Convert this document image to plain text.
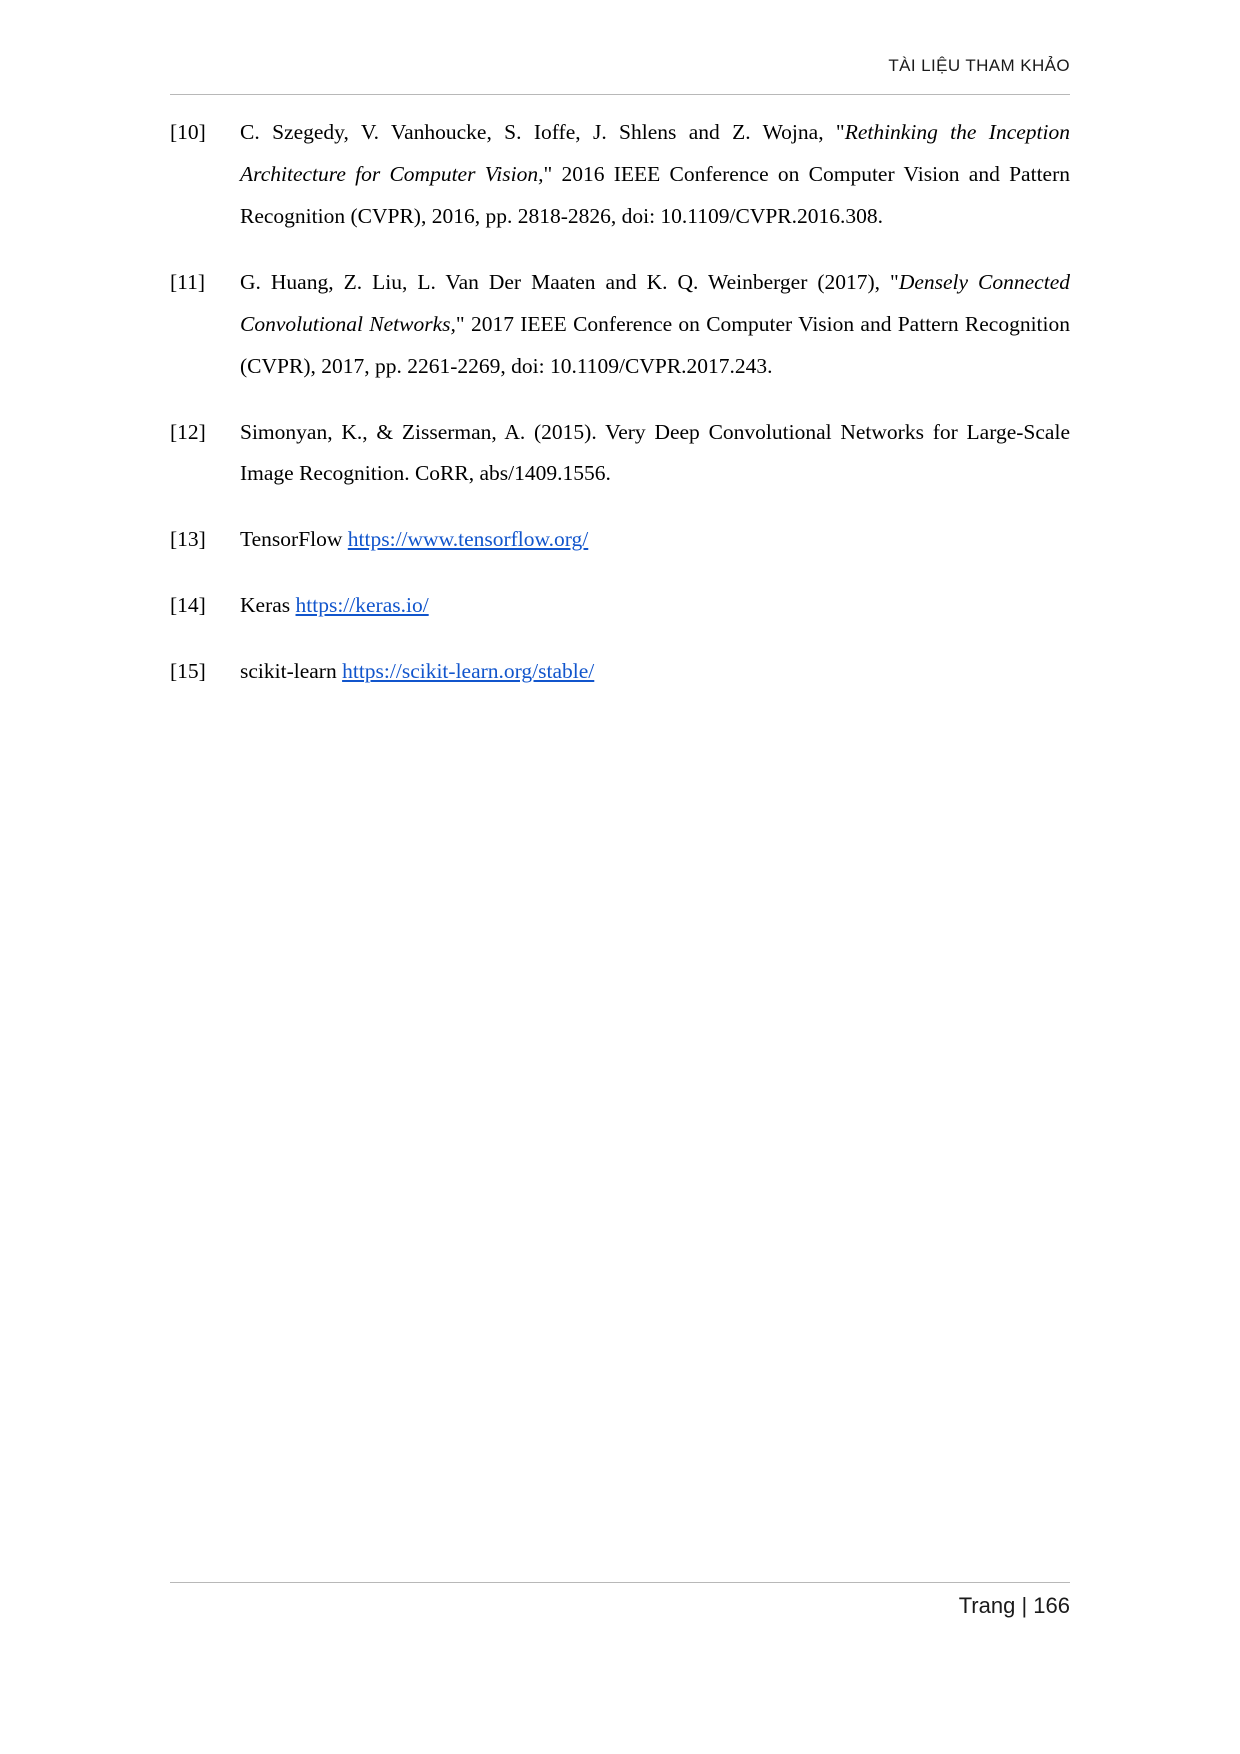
TÀI LIỆU THAM KHẢO
[10]	C. Szegedy, V. Vanhoucke, S. Ioffe, J. Shlens and Z. Wojna, "Rethinking the Inception Architecture for Computer Vision," 2016 IEEE Conference on Computer Vision and Pattern Recognition (CVPR), 2016, pp. 2818-2826, doi: 10.1109/CVPR.2016.308.
[11]	G. Huang, Z. Liu, L. Van Der Maaten and K. Q. Weinberger (2017), "Densely Connected Convolutional Networks," 2017 IEEE Conference on Computer Vision and Pattern Recognition (CVPR), 2017, pp. 2261-2269, doi: 10.1109/CVPR.2017.243.
[12]	Simonyan, K., & Zisserman, A. (2015). Very Deep Convolutional Networks for Large-Scale Image Recognition. CoRR, abs/1409.1556.
[13]	TensorFlow https://www.tensorflow.org/
[14]	Keras https://keras.io/
[15]	scikit-learn https://scikit-learn.org/stable/
Trang | 166
